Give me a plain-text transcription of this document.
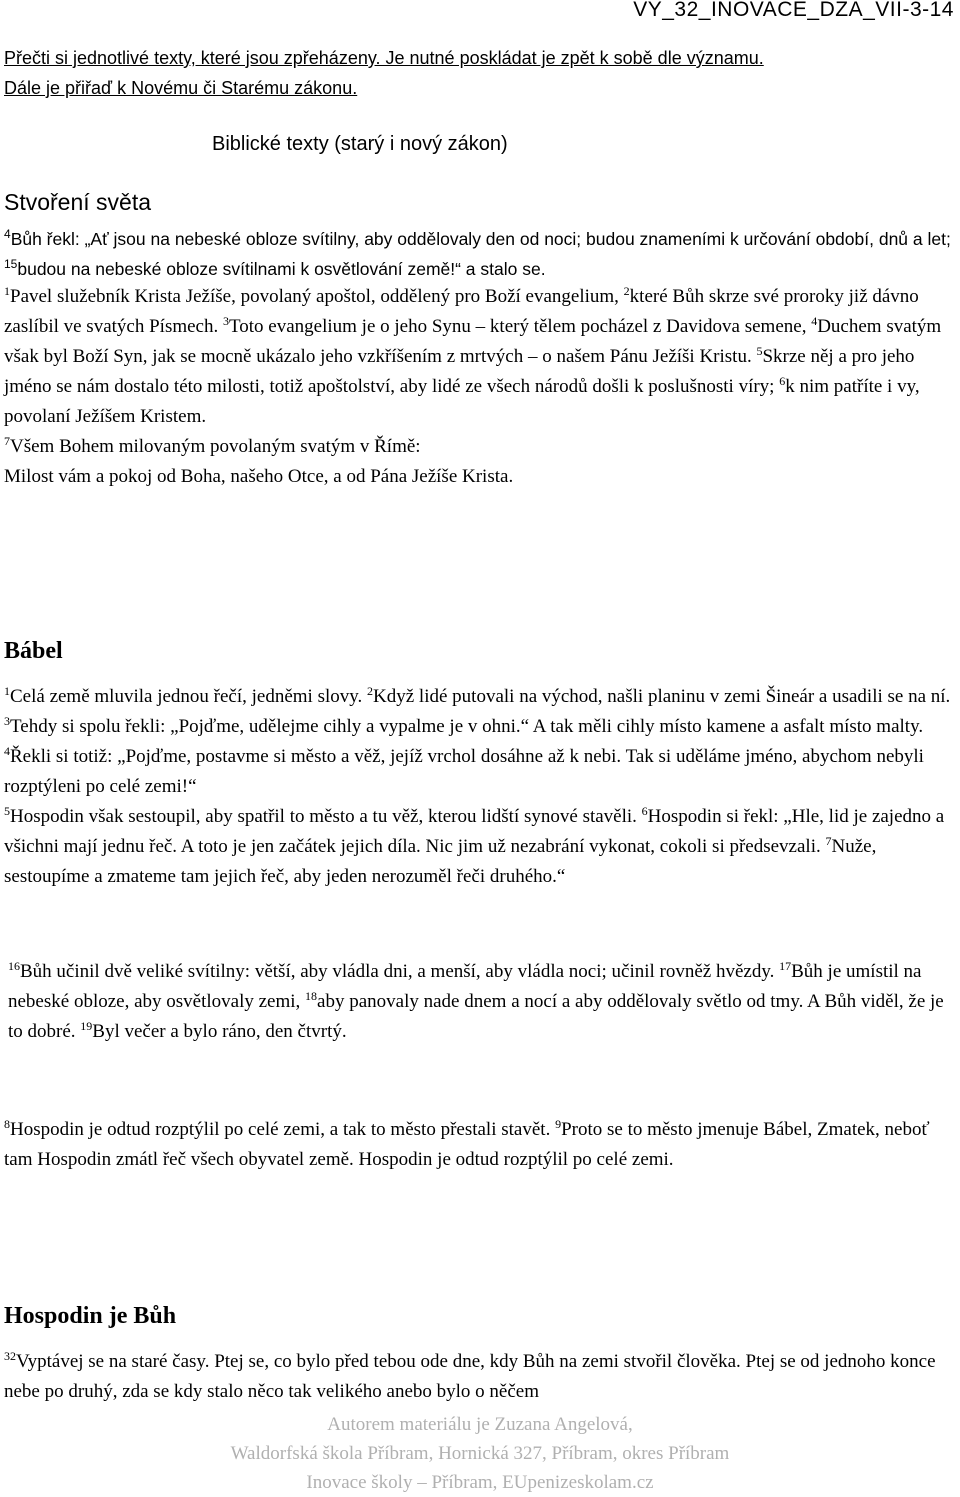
VY_32_INOVACE_DZA_VII-3-14
Přečti si jednotlivé texty, které jsou zpřeházeny. Je nutné poskládat je zpět k sobě dle významu.
Dále je přiřaď k Novému či Starému zákonu.
Biblické texty (starý i nový zákon)
Stvoření světa
$^4$Bůh řekl: „Ať jsou na nebeské obloze svítilny, aby oddělovaly den od noci; budou znameními k určování období, dnů a let; $^{15}$budou na nebeské obloze svítilnami k osvětlování země!“ a stalo se.
$^1$Pavel služebník Krista Ježíše, povolaný apoštol, oddělený pro Boží evangelium, $^2$které Bůh skrze své proroky již dávno zaslíbil ve svatých Písmech. $^3$Toto evangelium je o jeho Synu – který tělem pocházel z Davidova semene, $^4$Duchem svatým však byl Boží Syn, jak se mocně ukázalo jeho vzkříšením z mrtvých – o našem Pánu Ježíši Kristu. $^5$Skrze něj a pro jeho jméno se nám dostalo této milosti, totiž apoštolství, aby lidé ze všech národů došli k poslušnosti víry; $^6$k nim patříte i vy, povolaní Ježíšem Kristem.
$^7$Všem Bohem milovaným povolaným svatým v Římě:
Milost vám a pokoj od Boha, našeho Otce, a od Pána Ježíše Krista.
Bábel
$^1$Celá země mluvila jednou řečí, jedněmi slovy. $^2$Když lidé putovali na východ, našli planinu v zemi Šineár a usadili se na ní.
$^3$Tehdy si spolu řekli: „Pojďme, udělejme cihly a vypalme je v ohni.“ A tak měli cihly místo kamene a asfalt místo malty. $^4$Řekli si totiž: „Pojďme, postavme si město a věž, jejíž vrchol dosáhne až k nebi. Tak si uděláme jméno, abychom nebyli rozptýleni po celé zemi!“
$^5$Hospodin však sestoupil, aby spatřil to město a tu věž, kterou lidští synové stavěli. $^6$Hospodin si řekl: „Hle, lid je zajedno a všichni mají jednu řeč. A toto je jen začátek jejich díla. Nic jim už nezabrání vykonat, cokoli si předsevzali. $^7$Nuže, sestoupíme a zmateme tam jejich řeč, aby jeden nerozuměl řeči druhého.“
$^{16}$Bůh učinil dvě veliké svítilny: větší, aby vládla dni, a menší, aby vládla noci; učinil rovněž hvězdy. $^{17}$Bůh je umístil na nebeské obloze, aby osvětlovaly zemi, $^{18}$aby panovaly nade dnem a nocí a aby oddělovaly světlo od tmy. A Bůh viděl, že je to dobré. $^{19}$Byl večer a bylo ráno, den čtvrtý.
$^8$Hospodin je odtud rozptýlil po celé zemi, a tak to město přestali stavět. $^9$Proto se to město jmenuje Bábel, Zmatek, neboť tam Hospodin zmátl řeč všech obyvatel země. Hospodin je odtud rozptýlil po celé zemi.
Hospodin je Bůh
$^{32}$Vyptávej se na staré časy. Ptej se, co bylo před tebou ode dne, kdy Bůh na zemi stvořil člověka. Ptej se od jednoho konce nebe po druhý, zda se kdy stalo něco tak velikého anebo bylo o něčem
Autorem materiálu je Zuzana Angelová,
Waldorfská škola Příbram, Hornická 327, Příbram, okres Příbram
Inovace školy – Příbram, EUpenizeskolam.cz
